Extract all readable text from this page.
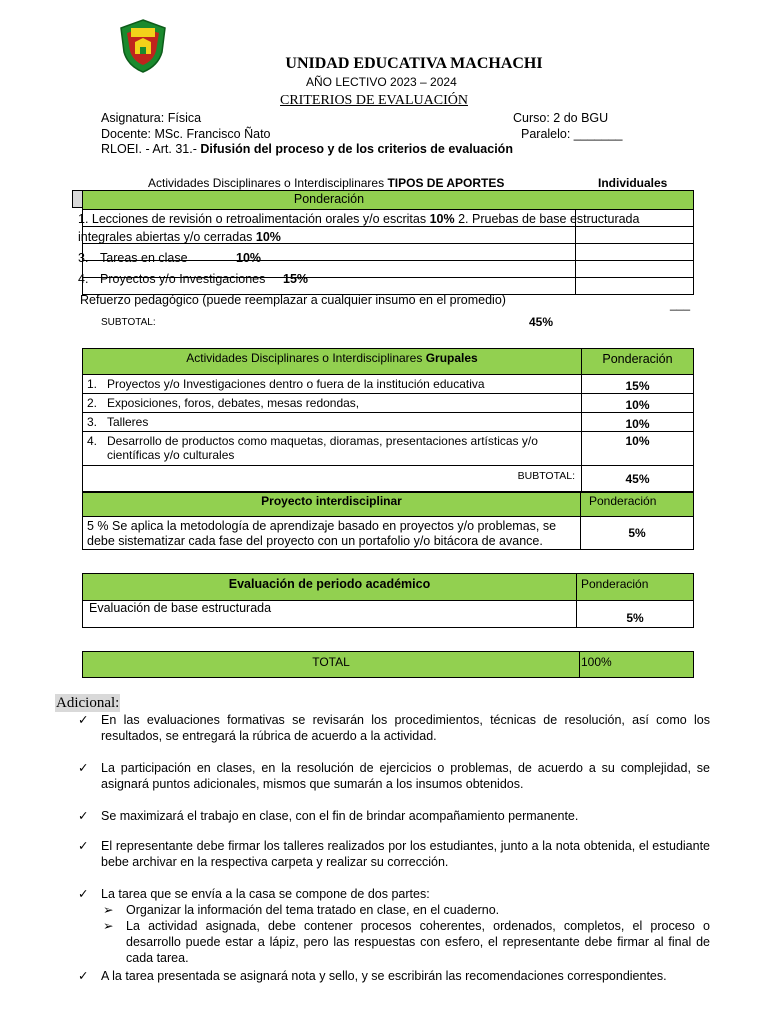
UNIDAD EDUCATIVA MACHACHI
AÑO LECTIVO 2023 – 2024
CRITERIOS DE EVALUACIÓN
Asignatura: Física	Curso: 2 do BGU
Docente: MSc. Francisco Ñato	Paralelo: _______
RLOEI. - Art. 31.- Difusión del proceso y de los criterios de evaluación
Actividades Disciplinares o Interdisciplinares TIPOS DE APORTES	Individuales
Ponderación	

1. Lecciones de revisión o retroalimentación orales y/o escritas 10% 2. Pruebas de base estructurada
integrales abiertas y/o cerradas 10%
3. Tareas en clase	10%
4. Proyectos y/o Investigaciones 15%
Refuerzo pedagógico (puede reemplazar a cualquier insumo en el promedio)	___
SUBTOTAL:	45%
Actividades Disciplinares o Interdisciplinares Grupales	Ponderación
1. Proyectos y/o Investigaciones dentro o fuera de la institución educativa	15%
2. Exposiciones, foros, debates, mesas redondas,	10%
3. Talleres	10%

4. Desarrollo de productos como maquetas, dioramas, presentaciones artísticas y/o científicas y/o culturales	10%
BUBTOTAL:	45%
Proyecto interdisciplinar	Ponderación
5 % Se aplica la metodología de aprendizaje basado en proyectos y/o problemas, se debe sistematizar cada fase del proyecto con un portafolio y/o bitácora de avance.	5%
Evaluación de periodo académico	Ponderación
Evaluación de base estructurada	5%
TOTAL	100%
Adicional:
✓ En las evaluaciones formativas se revisarán los procedimientos, técnicas de resolución, así como los resultados, se entregará la rúbrica de acuerdo a la actividad.
✓ La participación en clases, en la resolución de ejercicios o problemas, de acuerdo a su complejidad, se asignará puntos adicionales, mismos que sumarán a los insumos obtenidos.
✓ Se maximizará el trabajo en clase, con el fin de brindar acompañamiento permanente.
✓ El representante debe firmar los talleres realizados por los estudiantes, junto a la nota obtenida, el estudiante bebe archivar en la respectiva carpeta y realizar su corrección.
✓ La tarea que se envía a la casa se compone de dos partes:
➢ Organizar la información del tema tratado en clase, en el cuaderno.
➢ La actividad asignada, debe contener procesos coherentes, ordenados, completos, el proceso o desarrollo puede estar a lápiz, pero las respuestas con esfero, el representante debe firmar al final de cada tarea.
✓ A la tarea presentada se asignará nota y sello, y se escribirán las recomendaciones correspondientes.
